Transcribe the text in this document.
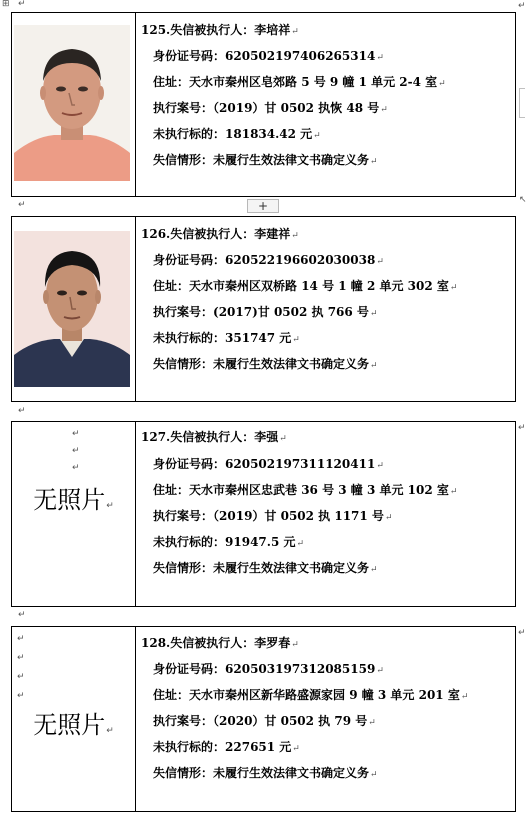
⊞ ↵	↵
↖
125.失信被执行人：李培祥↵
身份证号码：620502197406265314↵
住址：天水市秦州区皂郊路 5 号 9 幢 1 单元 2-4 室↵
执行案号：（2019）甘 0502 执恢 48 号↵
未执行标的：181834.42 元↵
失信情形：未履行生效法律文书确定义务↵
↵	+
126.失信被执行人：李建祥↵
身份证号码：620522196602030038↵
住址：天水市秦州区双桥路 14 号 1 幢 2 单元 302 室↵
执行案号：(2017)甘 0502 执 766 号↵
未执行标的：351747 元↵
失信情形：未履行生效法律文书确定义务↵
↵
↵
↵
↵
无照片↵
127.失信被执行人：李强↵
身份证号码：620502197311120411↵
住址：天水市秦州区忠武巷 36 号 3 幢 3 单元 102 室↵
执行案号：（2019）甘 0502 执 1171 号↵
未执行标的：91947.5 元↵
失信情形：未履行生效法律文书确定义务↵
↵
↵
↵
↵
↵
↵
无照片↵
128.失信被执行人：李罗春↵
身份证号码：620503197312085159↵
住址：天水市秦州区新华路盛源家园 9 幢 3 单元 201 室↵
执行案号：（2020）甘 0502 执 79 号↵
未执行标的：227651 元↵
失信情形：未履行生效法律文书确定义务↵
↵
